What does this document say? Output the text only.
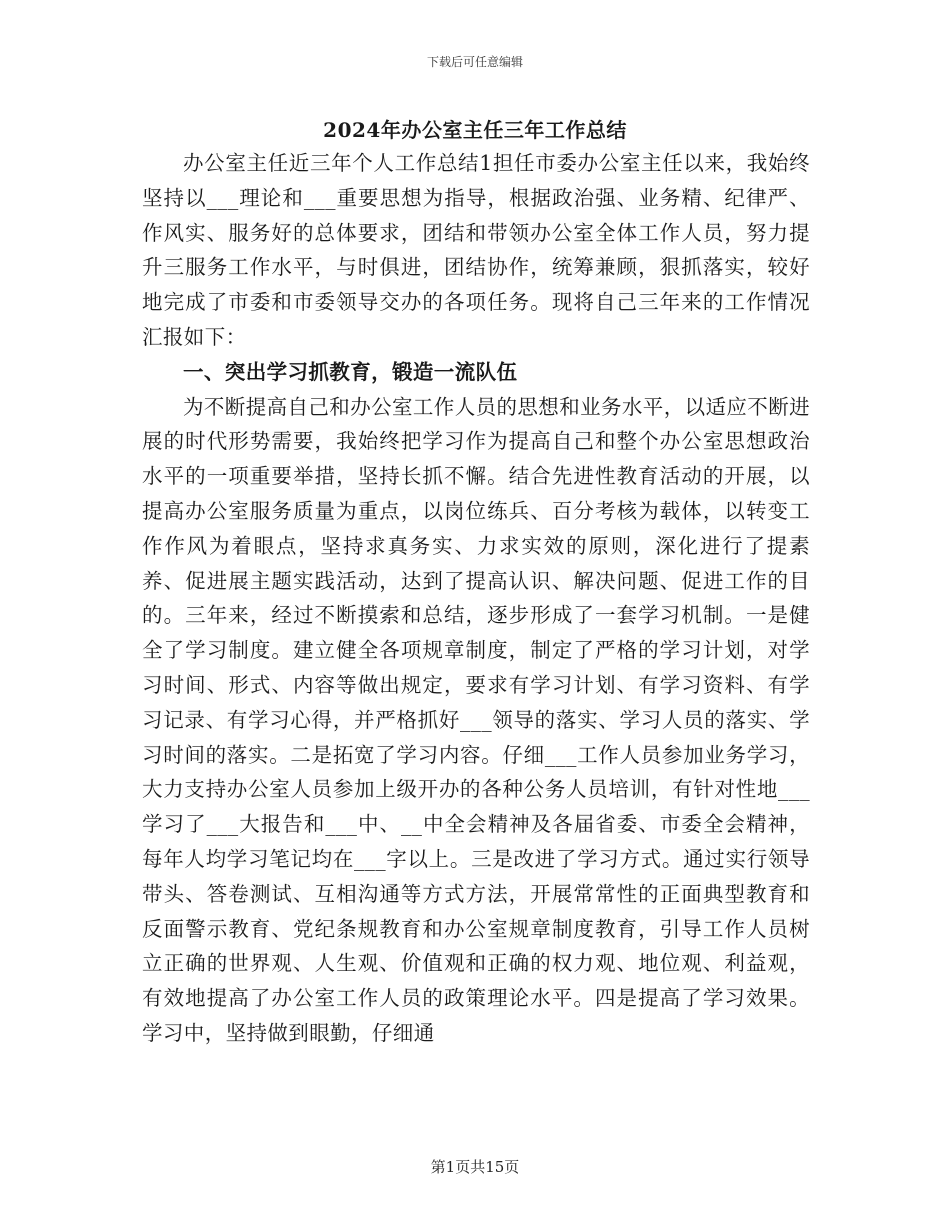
下载后可任意编辑
2024年办公室主任三年工作总结

办公室主任近三年个人工作总结1担任市委办公室主任以来，我始终坚持以___理论和___重要思想为指导，根据政治强、业务精、纪律严、作风实、服务好的总体要求，团结和带领办公室全体工作人员，努力提升三服务工作水平，与时俱进，团结协作，统筹兼顾，狠抓落实，较好地完成了市委和市委领导交办的各项任务。现将自己三年来的工作情况汇报如下：

一、突出学习抓教育，锻造一流队伍

为不断提高自己和办公室工作人员的思想和业务水平，以适应不断进展的时代形势需要，我始终把学习作为提高自己和整个办公室思想政治水平的一项重要举措，坚持长抓不懈。结合先进性教育活动的开展，以提高办公室服务质量为重点，以岗位练兵、百分考核为载体，以转变工作作风为着眼点，坚持求真务实、力求实效的原则，深化进行了提素养、促进展主题实践活动，达到了提高认识、解决问题、促进工作的目的。三年来，经过不断摸索和总结，逐步形成了一套学习机制。一是健全了学习制度。建立健全各项规章制度，制定了严格的学习计划，对学习时间、形式、内容等做出规定，要求有学习计划、有学习资料、有学习记录、有学习心得，并严格抓好___领导的落实、学习人员的落实、学习时间的落实。二是拓宽了学习内容。仔细___工作人员参加业务学习，大力支持办公室人员参加上级开办的各种公务人员培训，有针对性地___学习了___大报告和___中、__中全会精神及各届省委、市委全会精神，每年人均学习笔记均在___字以上。三是改进了学习方式。通过实行领导带头、答卷测试、互相沟通等方式方法，开展常常性的正面典型教育和反面警示教育、党纪条规教育和办公室规章制度教育，引导工作人员树立正确的世界观、人生观、价值观和正确的权力观、地位观、利益观，有效地提高了办公室工作人员的政策理论水平。四是提高了学习效果。学习中，坚持做到眼勤，仔细通

第1页共15页
